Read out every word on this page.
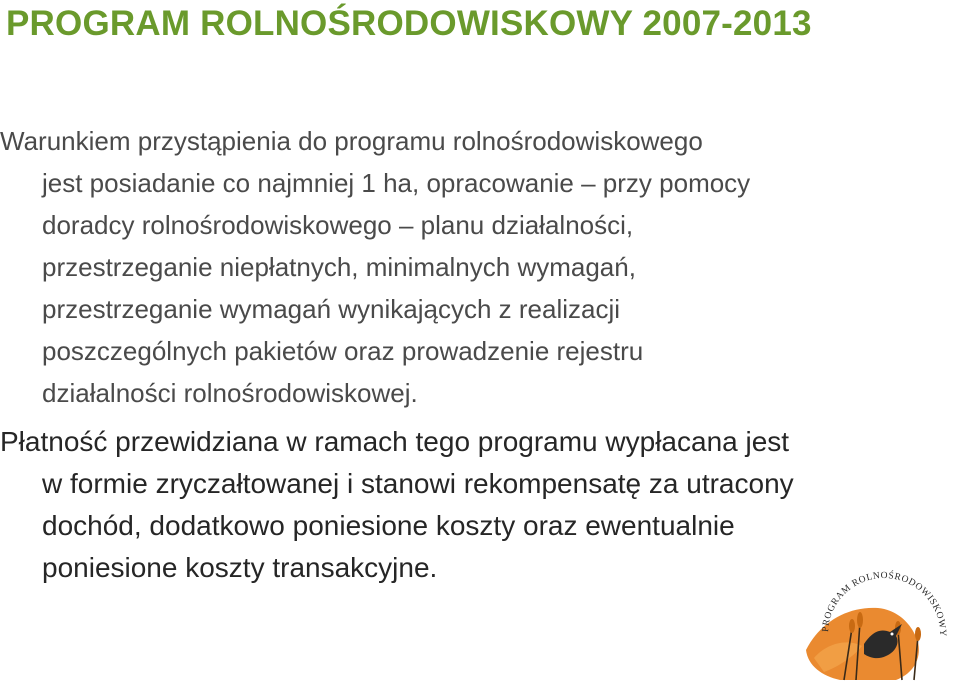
PROGRAM ROLNOŚRODOWISKOWY 2007-2013
Warunkiem przystąpienia do programu rolnośrodowiskowego
jest posiadanie co najmniej 1 ha, opracowanie – przy pomocy
doradcy rolnośrodowiskowego – planu działalności,
przestrzeganie niepłatnych, minimalnych wymagań,
przestrzeganie wymagań wynikających z realizacji
poszczególnych pakietów oraz prowadzenie rejestru
działalności rolnośrodowiskowej.
Płatność przewidziana w ramach tego programu wypłacana jest
w formie zryczałtowanej i stanowi rekompensatę za utracony
dochód, dodatkowo poniesione koszty oraz ewentualnie
poniesione koszty transakcyjne.
PROGRAM ROLNOŚRODOWISKOWY
